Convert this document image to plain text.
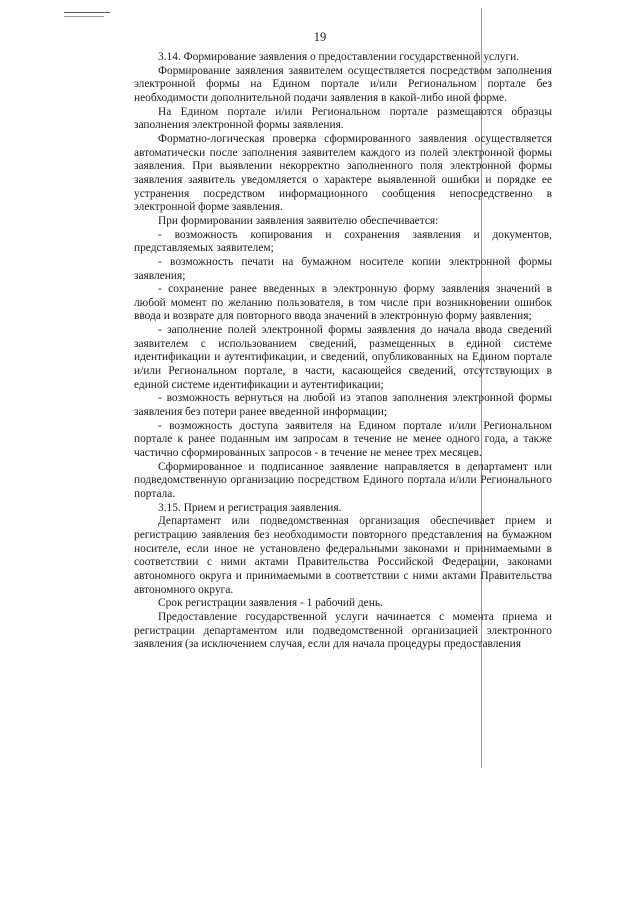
19

3.14. Формирование заявления о предоставлении государственной услуги.

Формирование заявления заявителем осуществляется посредством заполнения электронной формы на Едином портале и/или Региональном портале без необходимости дополнительной подачи заявления в какой-либо иной форме.

На Едином портале и/или Региональном портале размещаются образцы заполнения электронной формы заявления.

Форматно-логическая проверка сформированного заявления осуществляется автоматически после заполнения заявителем каждого из полей электронной формы заявления. При выявлении некорректно заполненного поля электронной формы заявления заявитель уведомляется о характере выявленной ошибки и порядке ее устранения посредством информационного сообщения непосредственно в электронной форме заявления.

При формировании заявления заявителю обеспечивается:

- возможность копирования и сохранения заявления и документов, представляемых заявителем;

- возможность печати на бумажном носителе копии электронной формы заявления;

- сохранение ранее введенных в электронную форму заявления значений в любой момент по желанию пользователя, в том числе при возникновении ошибок ввода и возврате для повторного ввода значений в электронную форму заявления;

- заполнение полей электронной формы заявления до начала ввода сведений заявителем с использованием сведений, размещенных в единой системе идентификации и аутентификации, и сведений, опубликованных на Едином портале и/или Региональном портале, в части, касающейся сведений, отсутствующих в единой системе идентификации и аутентификации;

- возможность вернуться на любой из этапов заполнения электронной формы заявления без потери ранее введенной информации;

- возможность доступа заявителя на Едином портале и/или Региональном портале к ранее поданным им запросам в течение не менее одного года, а также частично сформированных запросов - в течение не менее трех месяцев.

Сформированное и подписанное заявление направляется в департамент или подведомственную организацию посредством Единого портала и/или Регионального портала.

3.15. Прием и регистрация заявления.

Департамент или подведомственная организация обеспечивает прием и регистрацию заявления без необходимости повторного представления на бумажном носителе, если иное не установлено федеральными законами и принимаемыми в соответствии с ними актами Правительства Российской Федерации, законами автономного округа и принимаемыми в соответствии с ними актами Правительства автономного округа.

Срок регистрации заявления - 1 рабочий день.

Предоставление государственной услуги начинается с момента приема и регистрации департаментом или подведомственной организацией электронного заявления (за исключением случая, если для начала процедуры предоставления
